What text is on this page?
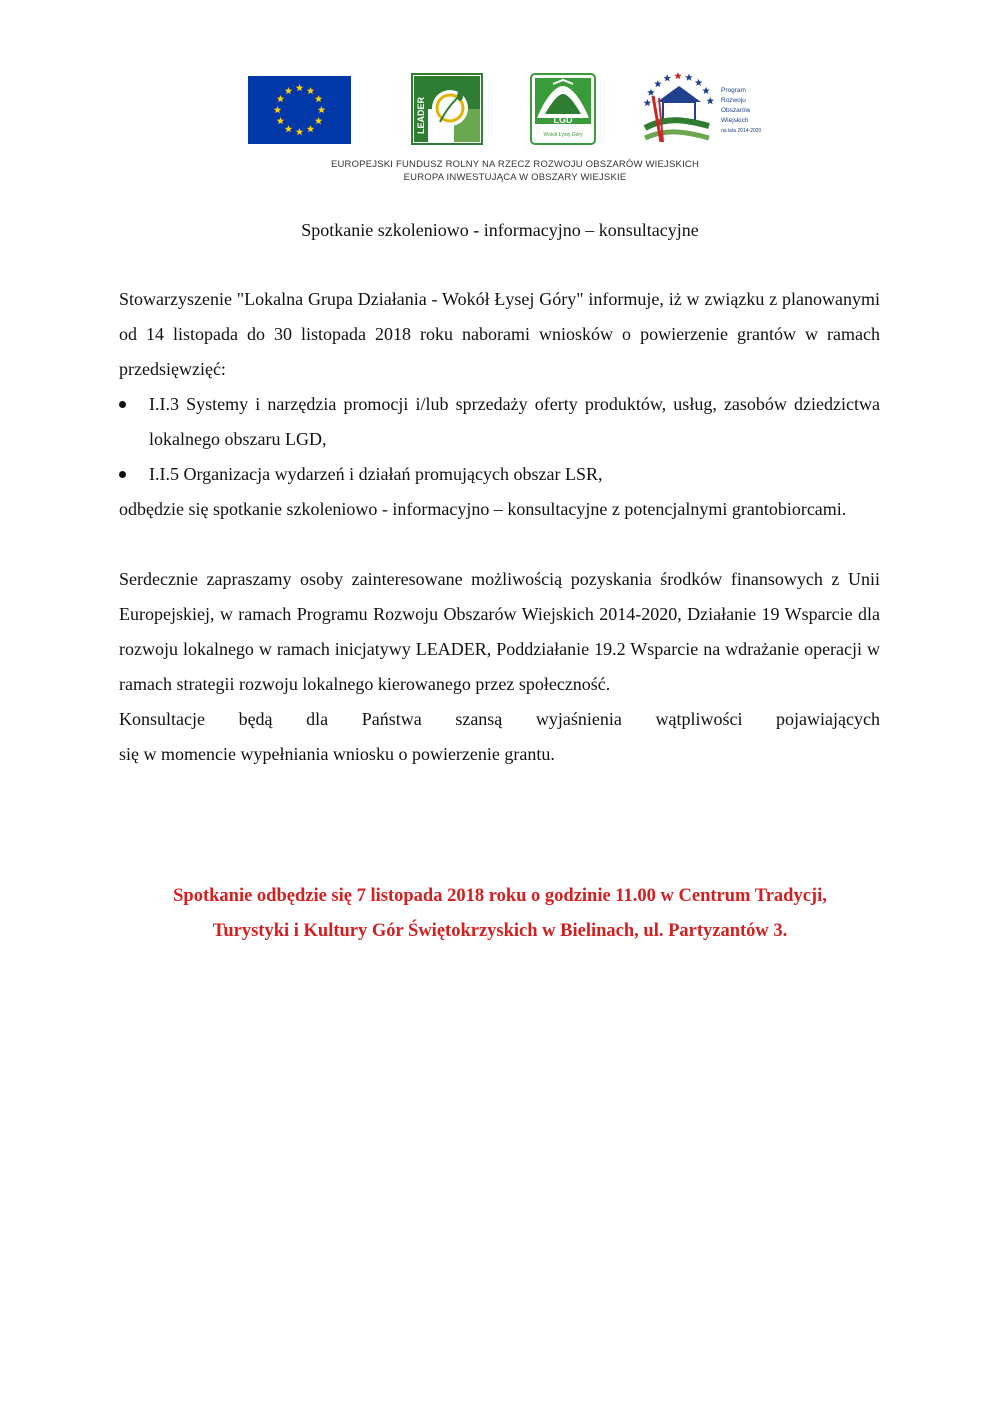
LEADER	LGD
Wokół Łysej Góry
Program Rozwoju Obszarów Wiejskich na lata 2014-2020
EUROPEJSKI FUNDUSZ ROLNY NA RZECZ ROZWOJU OBSZARÓW WIEJSKICH
EUROPA INWESTUJĄCA W OBSZARY WIEJSKIE
Spotkanie szkoleniowo - informacyjno – konsultacyjne

Stowarzyszenie "Lokalna Grupa Działania - Wokół Łysej Góry" informuje, iż w związku z planowanymi od 14 listopada do 30 listopada 2018 roku naborami wniosków o powierzenie grantów w ramach przedsięwzięć:

I.I.3 Systemy i narzędzia promocji i/lub sprzedaży oferty produktów, usług, zasobów dziedzictwa lokalnego obszaru LGD,
I.I.5 Organizacja wydarzeń i działań promujących obszar LSR,

odbędzie się spotkanie szkoleniowo - informacyjno – konsultacyjne z potencjalnymi grantobiorcami.

Serdecznie zapraszamy osoby zainteresowane możliwością pozyskania środków finansowych z Unii Europejskiej, w ramach Programu Rozwoju Obszarów Wiejskich 2014-2020, Działanie 19 Wsparcie dla rozwoju lokalnego w ramach inicjatywy LEADER, Poddziałanie 19.2 Wsparcie na wdrażanie operacji w ramach strategii rozwoju lokalnego kierowanego przez społeczność.

Konsultacje będą dla Państwa szansą wyjaśnienia wątpliwości pojawiających

się w momencie wypełniania wniosku o powierzenie grantu.

Spotkanie odbędzie się 7 listopada 2018 roku o godzinie 11.00 w Centrum Tradycji,
Turystyki i Kultury Gór Świętokrzyskich w Bielinach, ul. Partyzantów 3.
